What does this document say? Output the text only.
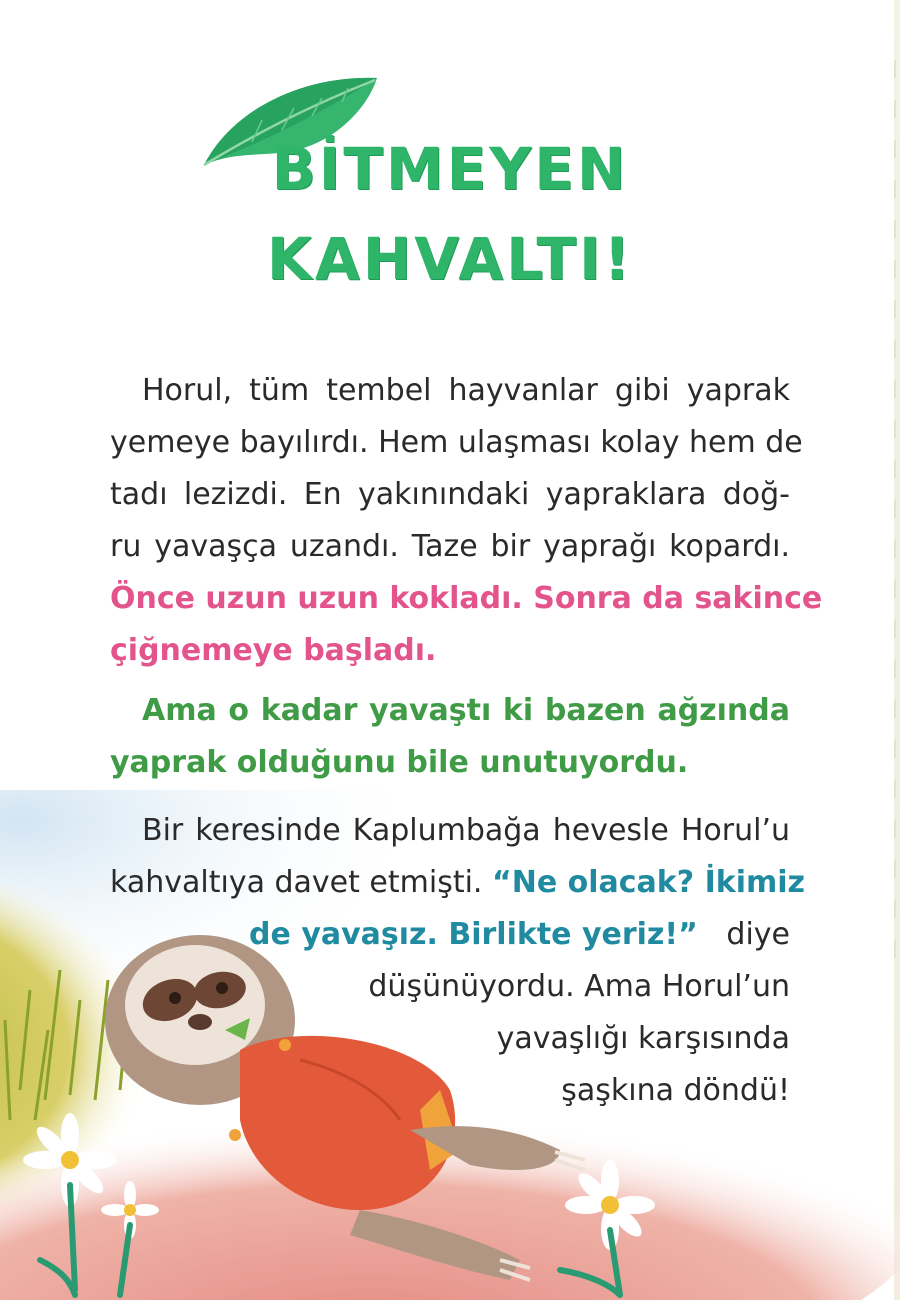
BİTMEYEN
KAHVALTI!
Horul, tüm tembel hayvanlar gibi yaprak
yemeye bayılırdı. Hem ulaşması kolay hem de
tadı lezizdi. En yakınındaki yapraklara doğ-
ru yavaşça uzandı. Taze bir yaprağı kopardı.
Önce uzun uzun kokladı. Sonra da sakince
çiğnemeye başladı.
Ama o kadar yavaştı ki bazen ağzında
yaprak olduğunu bile unutuyordu.
Bir keresinde Kaplumbağa hevesle Horul’u
kahvaltıya davet etmişti. “Ne olacak? İkimiz
de yavaşız. Birlikte yeriz!” diye
düşünüyordu. Ama Horul’un
yavaşlığı karşısında
şaşkına döndü!
